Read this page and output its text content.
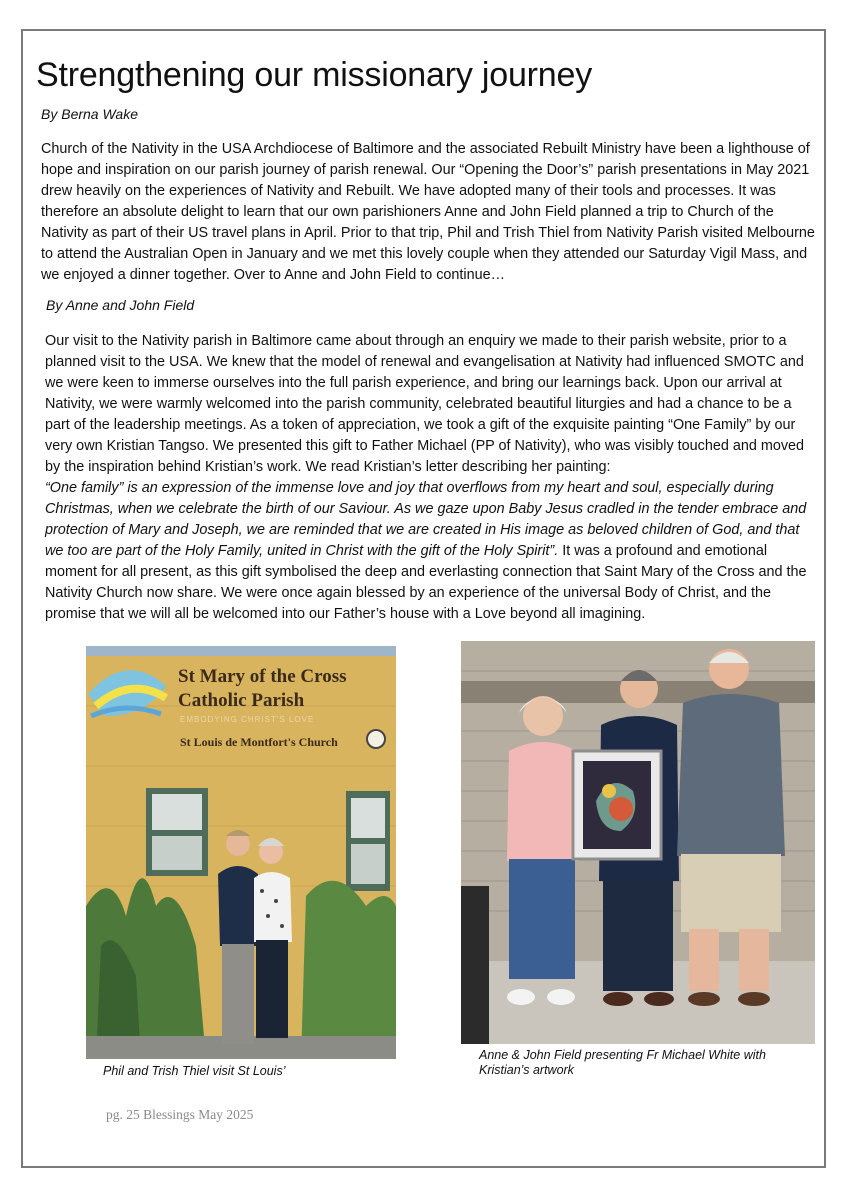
Strengthening our missionary journey

By Berna Wake

Church of the Nativity in the USA Archdiocese of Baltimore and the associated Rebuilt Ministry have been a lighthouse of hope and inspiration on our parish journey of parish renewal. Our “Opening the Door’s” parish presentations in May 2021 drew heavily on the experiences of Nativity and Rebuilt. We have adopted many of their tools and processes. It was therefore an absolute delight to learn that our own parishioners Anne and John Field planned a trip to Church of the Nativity as part of their US travel plans in April. Prior to that trip, Phil and Trish Thiel from Nativity Parish visited Melbourne to attend the Australian Open in January and we met this lovely couple when they attended our Saturday Vigil Mass, and we enjoyed a dinner together. Over to Anne and John Field to continue…

By Anne and John Field

Our visit to the Nativity parish in Baltimore came about through an enquiry we made to their parish website, prior to a planned visit to the USA. We knew that the model of renewal and evangelisation at Nativity had influenced SMOTC and we were keen to immerse ourselves into the full parish experience, and bring our learnings back. Upon our arrival at Nativity, we were warmly welcomed into the parish community, celebrated beautiful liturgies and had a chance to be a part of the leadership meetings. As a token of appreciation, we took a gift of the exquisite painting “One Family” by our very own Kristian Tangso. We presented this gift to Father Michael (PP of Nativity), who was visibly touched and moved by the inspiration behind Kristian’s work. We read Kristian’s letter describing her painting:
“One family” is an expression of the immense love and joy that overflows from my heart and soul, especially during Christmas, when we celebrate the birth of our Saviour. As we gaze upon Baby Jesus cradled in the tender embrace and protection of Mary and Joseph, we are reminded that we are created in His image as beloved children of God, and that we too are part of the Holy Family, united in Christ with the gift of the Holy Spirit”. It was a profound and emotional moment for all present, as this gift symbolised the deep and everlasting connection that Saint Mary of the Cross and the Nativity Church now share. We were once again blessed by an experience of the universal Body of Christ, and the promise that we will all be welcomed into our Father’s house with a Love beyond all imagining.

St Mary of the Cross
Catholic Parish
EMBODYING CHRIST'S LOVE
St Louis de Montfort's Church

Phil and Trish Thiel visit St Louis’

Anne & John Field presenting Fr Michael White with Kristian’s artwork

pg. 25 Blessings May 2025
